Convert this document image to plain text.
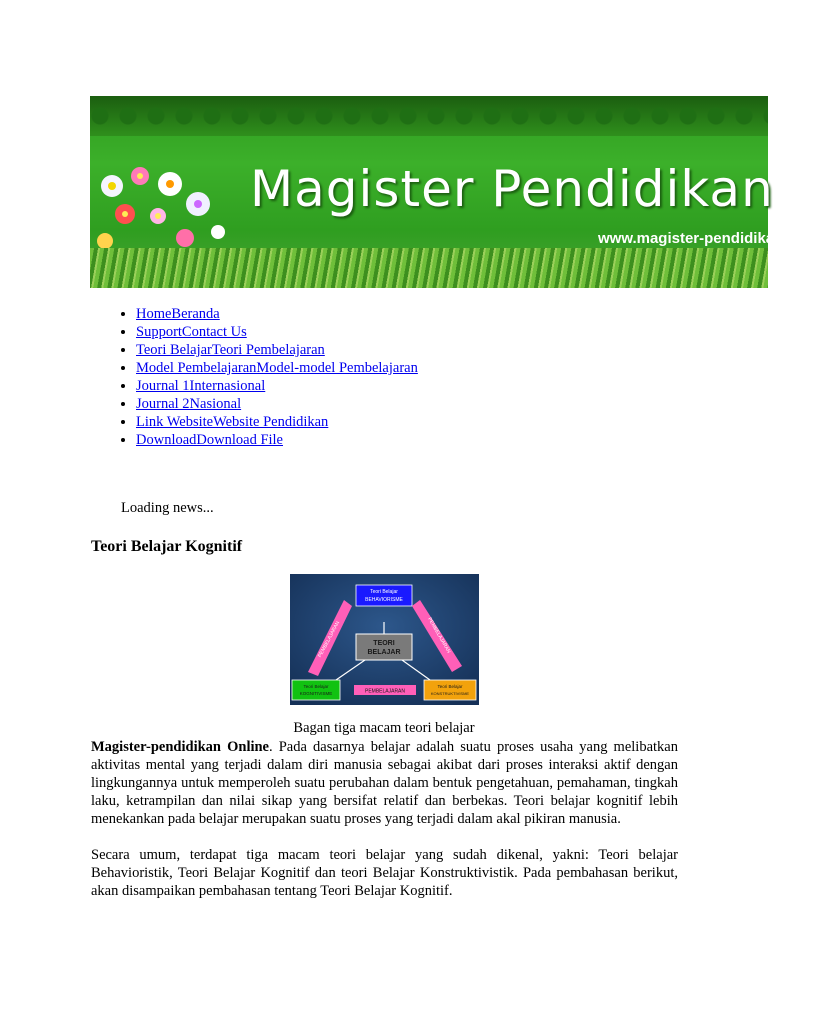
Magister Pendidikan
www.magister-pendidikan.com
• HomeBeranda
• SupportContact Us
• Teori BelajarTeori Pembelajaran
• Model PembelajaranModel-model Pembelajaran
• Journal 1Internasional
• Journal 2Nasional
• Link WebsiteWebsite Pendidikan
• DownloadDownload File
Loading news...
Teori Belajar Kognitif
Teori Belajar
BEHAVIORISME
TEORI
BELAJAR
PEMBELAJARAN	PEMBELAJARAN
Teori Belajar
KOGNITIVISME
Teori Belajar
KONSTRUKTIVISME
PEMBELAJARAN
Bagan tiga macam teori belajar

Magister-pendidikan Online. Pada dasarnya belajar adalah suatu proses usaha yang melibatkan aktivitas mental yang terjadi dalam diri manusia sebagai akibat dari proses interaksi aktif dengan lingkungannya untuk memperoleh suatu perubahan dalam bentuk pengetahuan, pemahaman, tingkah laku, ketrampilan dan nilai sikap yang bersifat relatif dan berbekas. Teori belajar kognitif lebih menekankan pada belajar merupakan suatu proses yang terjadi dalam akal pikiran manusia.

Secara umum, terdapat tiga macam teori belajar yang sudah dikenal, yakni: Teori belajar Behavioristik, Teori Belajar Kognitif dan teori Belajar Konstruktivistik. Pada pembahasan berikut, akan disampaikan pembahasan tentang Teori Belajar Kognitif.
